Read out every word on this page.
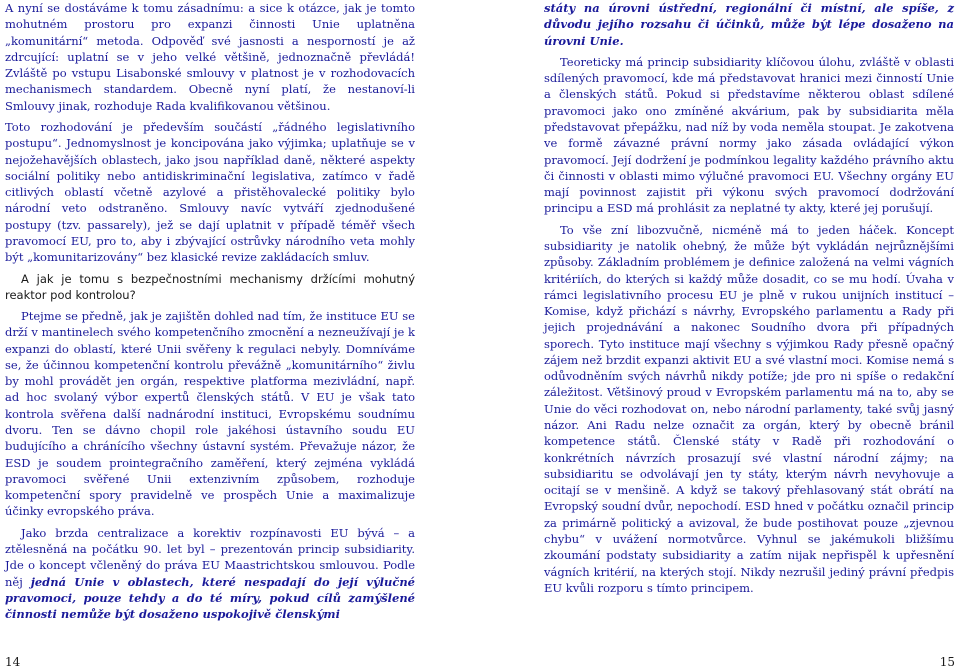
A nyní se dostáváme k tomu zásadnímu: a sice k otázce, jak je tomto mohutném prostoru pro expanzi činnosti Unie uplatněna „komunitární“ metoda. Odpověď své jasnosti a nesporností je až zdrcující: uplatní se v jeho velké většině, jednoznačně převládá! Zvláště po vstupu Lisabonské smlouvy v platnost je v rozhodovacích mechanismech standardem. Obecně nyní platí, že nestanoví-li Smlouvy jinak, rozhoduje Rada kvalifikovanou většinou.

Toto rozhodování je především součástí „řádného legislativního postupu“. Jednomyslnost je koncipována jako výjimka; uplatňuje se v nejožehavějších oblastech, jako jsou například daně, některé aspekty sociální politiky nebo antidiskriminační legislativa, zatímco v řadě citlivých oblastí včetně azylové a přistěhovalecké politiky bylo národní veto odstraněno. Smlouvy navíc vytváří zjednodušené postupy (tzv. passarely), jež se dají uplatnit v případě téměř všech pravomocí EU, pro to, aby i zbývající ostrůvky národního veta mohly být „komunitarizovány“ bez klasické revize zakládacích smluv.

A jak je tomu s bezpečnostními mechanismy držícími mohutný reaktor pod kontrolou?

Ptejme se předně, jak je zajištěn dohled nad tím, že instituce EU se drží v mantinelech svého kompetenčního zmocnění a nezneužívají je k expanzi do oblastí, které Unii svěřeny k regulaci nebyly. Domníváme se, že účinnou kompetenční kontrolu převážně „komunitárního“ živlu by mohl provádět jen orgán, respektive platforma mezivládní, např. ad hoc svolaný výbor expertů členských států. V EU je však tato kontrola svěřena další nadnárodní instituci, Evropskému soudnímu dvoru. Ten se dávno chopil role jakéhosi ústavního soudu EU budujícího a chránícího všechny ústavní systém. Převažuje názor, že ESD je soudem prointegračního zaměření, který zejména vykládá pravomoci svěřené Unii extenzivním způsobem, rozhoduje kompetenční spory pravidelně ve prospěch Unie a maximalizuje účinky evropského práva.

Jako brzda centralizace a korektiv rozpínavosti EU bývá – a ztělesněná na počátku 90. let byl – prezentován princip subsidiarity. Jde o koncept včleněný do práva EU Maastrichtskou smlouvou. Podle něj jedná Unie v oblastech, které nespadají do její výlučné pravomoci, pouze tehdy a do té míry, pokud cílů zamýšlené činnosti nemůže být dosaženo uspokojivě členskými

státy na úrovni ústřední, regionální či místní, ale spíše, z důvodu jejího rozsahu či účinků, může být lépe dosaženo na úrovni Unie.

Teoreticky má princip subsidiarity klíčovou úlohu, zvláště v oblasti sdílených pravomocí, kde má představovat hranici mezi činností Unie a členských států. Pokud si představíme některou oblast sdílené pravomoci jako ono zmíněné akvárium, pak by subsidiarita měla představovat přepážku, nad níž by voda neměla stoupat. Je zakotvena ve formě závazné právní normy jako zásada ovládající výkon pravomocí. Její dodržení je podmínkou legality každého právního aktu či činnosti v oblasti mimo výlučné pravomoci EU. Všechny orgány EU mají povinnost zajistit při výkonu svých pravomocí dodržování principu a ESD má prohlásit za neplatné ty akty, které jej porušují.

To vše zní libozvučně, nicméně má to jeden háček. Koncept subsidiarity je natolik ohebný, že může být vykládán nejrůznějšími způsoby. Základním problémem je definice založená na velmi vágních kritériích, do kterých si každý může dosadit, co se mu hodí. Úvaha v rámci legislativního procesu EU je plně v rukou unijních institucí – Komise, když přichází s návrhy, Evropského parlamentu a Rady při jejich projednávání a nakonec Soudního dvora při případných sporech. Tyto instituce mají všechny s výjimkou Rady přesně opačný zájem než brzdit expanzi aktivit EU a své vlastní moci. Komise nemá s odůvodněním svých návrhů nikdy potíže; jde pro ni spíše o redakční záležitost. Většinový proud v Evropském parlamentu má na to, aby se Unie do věci rozhodovat on, nebo národní parlamenty, také svůj jasný názor. Ani Radu nelze označit za orgán, který by obecně bránil kompetence států. Členské státy v Radě při rozhodování o konkrétních návrzích prosazují své vlastní národní zájmy; na subsidiaritu se odvolávají jen ty státy, kterým návrh nevyhovuje a ocitají se v menšině. A když se takový přehlasovaný stát obrátí na Evropský soudní dvůr, nepochodí. ESD hned v počátku označil princip za primárně politický a avizoval, že bude postihovat pouze „zjevnou chybu“ v uvážení normotvůrce. Vyhnul se jakémukoli bližšímu zkoumání podstaty subsidiarity a zatím nijak nepřispěl k upřesnění vágních kritérií, na kterých stojí. Nikdy nezrušil jediný právní předpis EU kvůli rozporu s tímto principem.

14	15
